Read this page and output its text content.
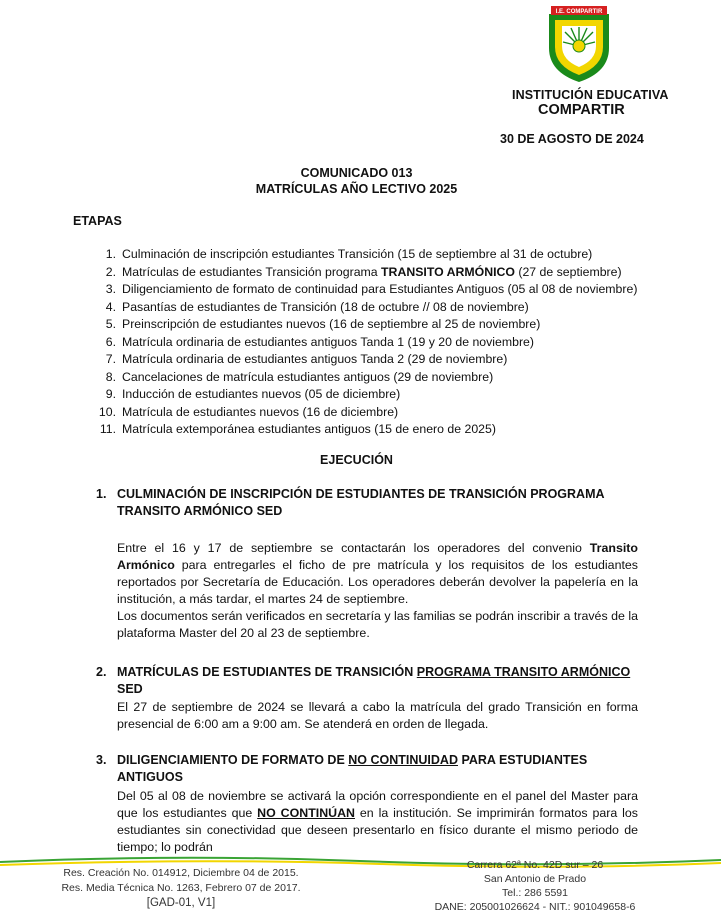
I.E. COMPARTIR
INSTITUCIÓN EDUCATIVA
COMPARTIR
30 DE AGOSTO DE 2024
COMUNICADO 013
MATRÍCULAS AÑO LECTIVO 2025
ETAPAS
1. Culminación de inscripción estudiantes Transición (15 de septiembre al 31 de octubre)
2. Matrículas de estudiantes Transición programa TRANSITO ARMÓNICO (27 de septiembre)
3. Diligenciamiento de formato de continuidad para Estudiantes Antiguos (05 al 08 de noviembre)
4. Pasantías de estudiantes de Transición (18 de octubre // 08 de noviembre)
5. Preinscripción de estudiantes nuevos (16 de septiembre al 25 de noviembre)
6. Matrícula ordinaria de estudiantes antiguos Tanda 1 (19 y 20 de noviembre)
7. Matrícula ordinaria de estudiantes antiguos Tanda 2 (29 de noviembre)
8. Cancelaciones de matrícula estudiantes antiguos (29 de noviembre)
9. Inducción de estudiantes nuevos (05 de diciembre)
10. Matrícula de estudiantes nuevos (16 de diciembre)
11. Matrícula extemporánea estudiantes antiguos (15 de enero de 2025)
EJECUCIÓN
1. CULMINACIÓN DE INSCRIPCIÓN DE ESTUDIANTES DE TRANSICIÓN PROGRAMA TRANSITO ARMÓNICO SED

Entre el 16 y 17 de septiembre se contactarán los operadores del convenio Transito Armónico para entregarles el ficho de pre matrícula y los requisitos de los estudiantes reportados por Secretaría de Educación. Los operadores deberán devolver la papelería en la institución, a más tardar, el martes 24 de septiembre.

Los documentos serán verificados en secretaría y las familias se podrán inscribir a través de la plataforma Master del 20 al 23 de septiembre.

2. MATRÍCULAS DE ESTUDIANTES DE TRANSICIÓN PROGRAMA TRANSITO ARMÓNICO SED

El 27 de septiembre de 2024 se llevará a cabo la matrícula del grado Transición en forma presencial de 6:00 am a 9:00 am. Se atenderá en orden de llegada.

3. DILIGENCIAMIENTO DE FORMATO DE NO CONTINUIDAD PARA ESTUDIANTES ANTIGUOS

Del 05 al 08 de noviembre se activará la opción correspondiente en el panel del Master para que los estudiantes que NO CONTINÚAN en la institución. Se imprimirán formatos para los estudiantes sin conectividad que deseen presentarlo en físico durante el mismo periodo de tiempo; lo podrán

Res. Creación No. 014912, Diciembre 04 de 2015.
Res. Media Técnica No. 1263, Febrero 07 de 2017.
[GAD-01, V1]
Carrera 62ª No. 42D sur – 26
San Antonio de Prado
Tel.: 286 5591
DANE: 205001026624 - NIT.: 901049658-6
